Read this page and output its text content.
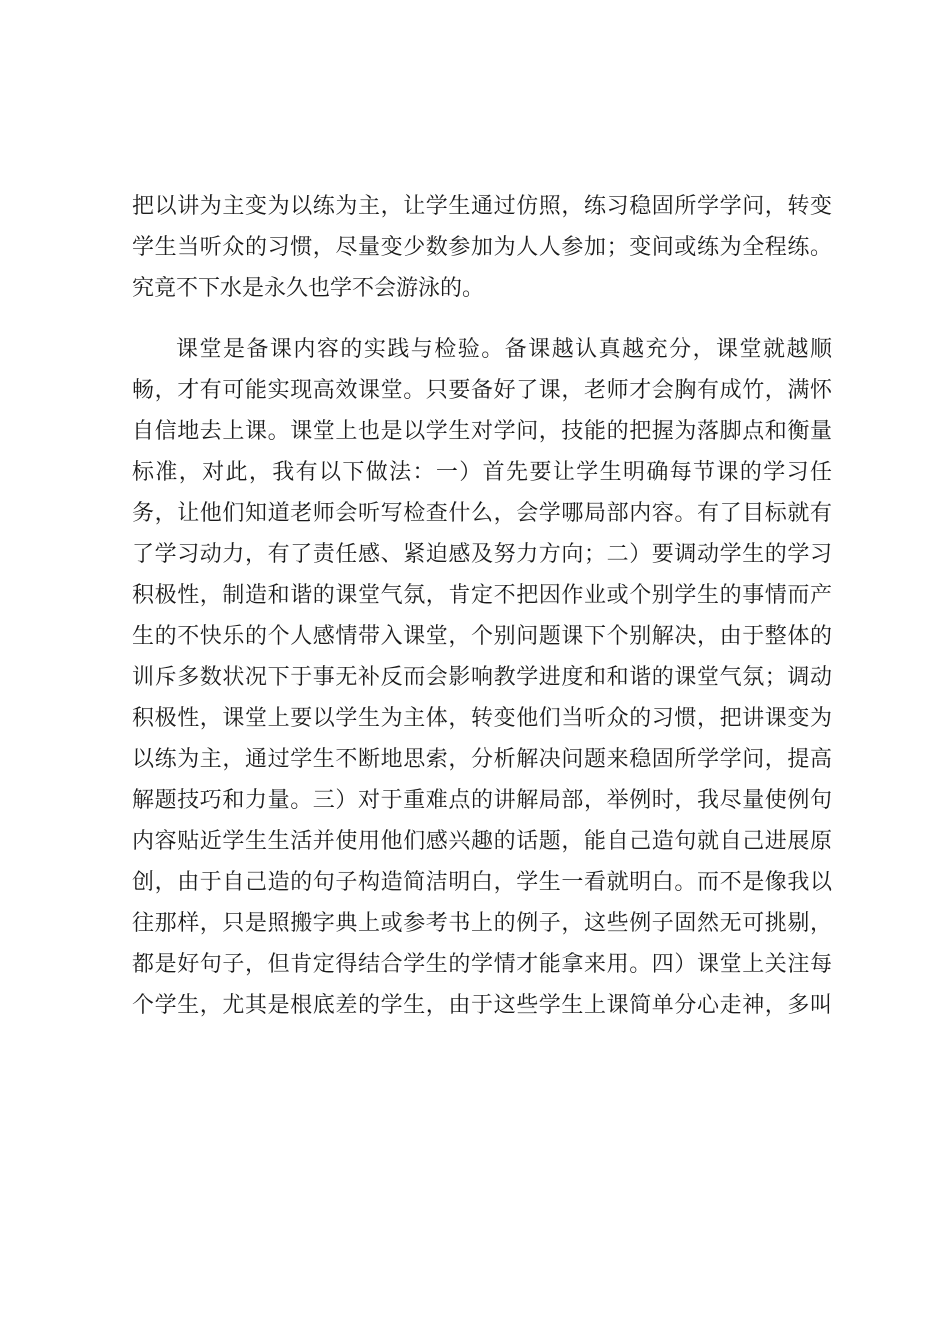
把以讲为主变为以练为主，让学生通过仿照，练习稳固所学学问，转变
学生当听众的习惯，尽量变少数参加为人人参加；变间或练为全程练。
究竟不下水是永久也学不会游泳的。
课堂是备课内容的实践与检验。备课越认真越充分，课堂就越顺
畅，才有可能实现高效课堂。只要备好了课，老师才会胸有成竹，满怀
自信地去上课。课堂上也是以学生对学问，技能的把握为落脚点和衡量
标准，对此，我有以下做法：一）首先要让学生明确每节课的学习任
务，让他们知道老师会听写检查什么，会学哪局部内容。有了目标就有
了学习动力，有了责任感、紧迫感及努力方向；二）要调动学生的学习
积极性，制造和谐的课堂气氛，肯定不把因作业或个别学生的事情而产
生的不快乐的个人感情带入课堂，个别问题课下个别解决，由于整体的
训斥多数状况下于事无补反而会影响教学进度和和谐的课堂气氛；调动
积极性，课堂上要以学生为主体，转变他们当听众的习惯，把讲课变为
以练为主，通过学生不断地思索，分析解决问题来稳固所学学问，提高
解题技巧和力量。三）对于重难点的讲解局部，举例时，我尽量使例句
内容贴近学生生活并使用他们感兴趣的话题，能自己造句就自己进展原
创，由于自己造的句子构造简洁明白，学生一看就明白。而不是像我以
往那样，只是照搬字典上或参考书上的例子，这些例子固然无可挑剔，
都是好句子，但肯定得结合学生的学情才能拿来用。四）课堂上关注每
个学生，尤其是根底差的学生，由于这些学生上课简单分心走神，多叫
